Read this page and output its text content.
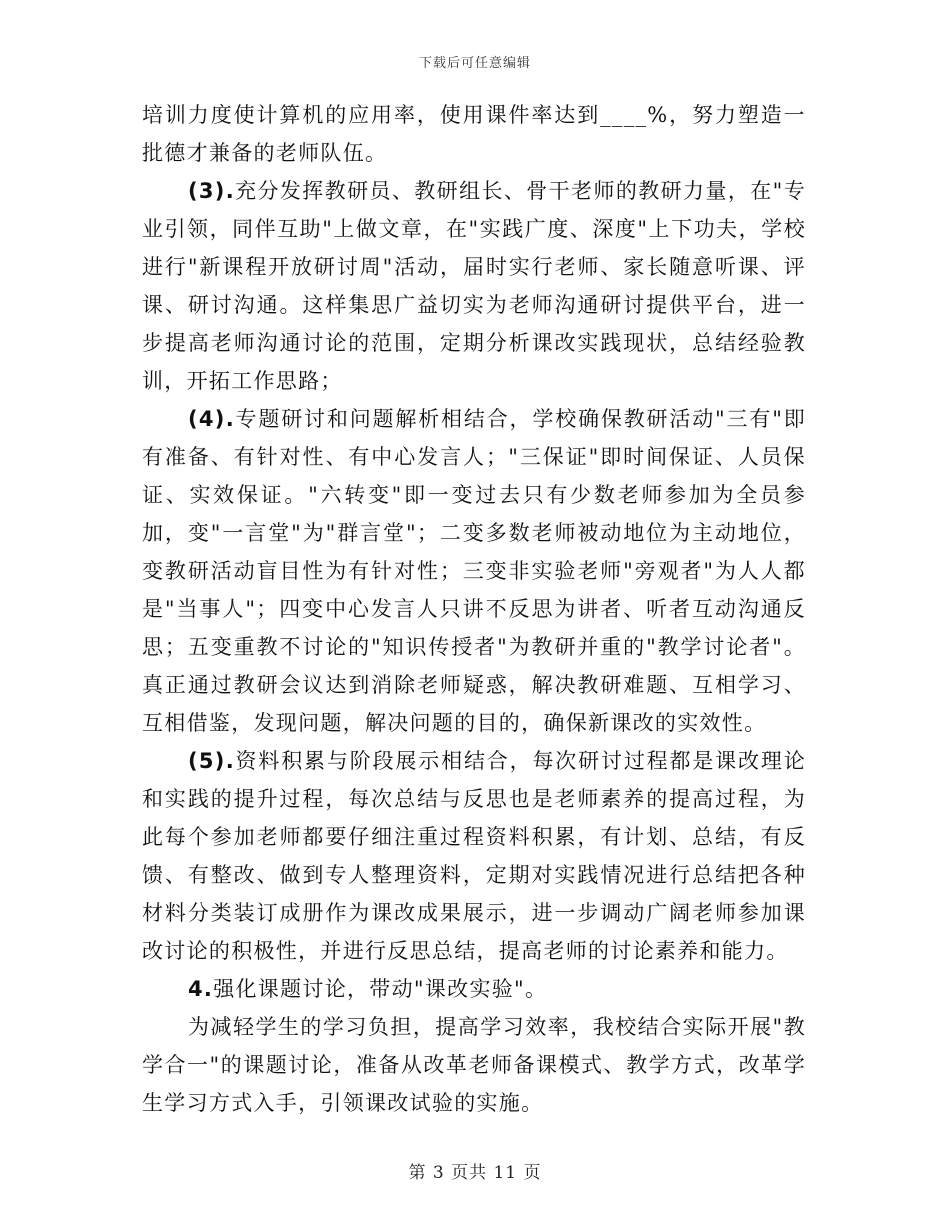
下载后可任意编辑

培训力度使计算机的应用率，使用课件率达到____%，努力塑造一批德才兼备的老师队伍。

(3).充分发挥教研员、教研组长、骨干老师的教研力量，在"专业引领，同伴互助"上做文章，在"实践广度、深度"上下功夫，学校进行"新课程开放研讨周"活动，届时实行老师、家长随意听课、评课、研讨沟通。这样集思广益切实为老师沟通研讨提供平台，进一步提高老师沟通讨论的范围，定期分析课改实践现状，总结经验教训，开拓工作思路；

(4).专题研讨和问题解析相结合，学校确保教研活动"三有"即有准备、有针对性、有中心发言人；"三保证"即时间保证、人员保证、实效保证。"六转变"即一变过去只有少数老师参加为全员参加，变"一言堂"为"群言堂"；二变多数老师被动地位为主动地位，变教研活动盲目性为有针对性；三变非实验老师"旁观者"为人人都是"当事人"；四变中心发言人只讲不反思为讲者、听者互动沟通反思；五变重教不讨论的"知识传授者"为教研并重的"教学讨论者"。真正通过教研会议达到消除老师疑惑，解决教研难题、互相学习、互相借鉴，发现问题，解决问题的目的，确保新课改的实效性。

(5).资料积累与阶段展示相结合，每次研讨过程都是课改理论和实践的提升过程，每次总结与反思也是老师素养的提高过程，为此每个参加老师都要仔细注重过程资料积累，有计划、总结，有反馈、有整改、做到专人整理资料，定期对实践情况进行总结把各种材料分类装订成册作为课改成果展示，进一步调动广阔老师参加课改讨论的积极性，并进行反思总结，提高老师的讨论素养和能力。

4.强化课题讨论，带动"课改实验"。

为减轻学生的学习负担，提高学习效率，我校结合实际开展"教学合一"的课题讨论，准备从改革老师备课模式、教学方式，改革学生学习方式入手，引领课改试验的实施。

第 3 页共 11 页
